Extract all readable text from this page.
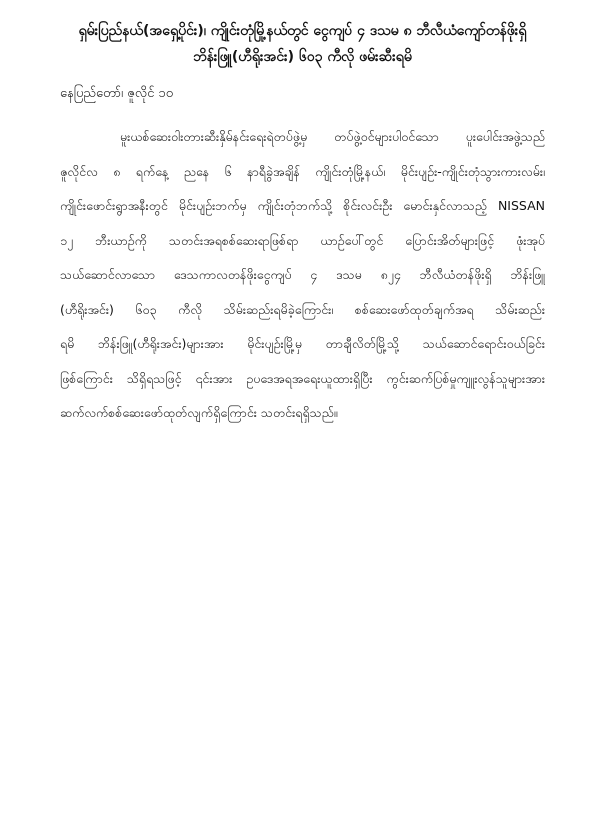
ရှမ်းပြည်နယ်(အရှေ့ပိုင်း)၊ ကျိုင်းတုံမြို့နယ်တွင် ငွေကျပ် ၄ ဒသမ ၈ ဘီလီယံကျော်တန်ဖိုးရှိ
ဘိန်းဖြူ(ဟီရိုးအင်း) ၆ဝ၃ ကီလို ဖမ်းဆီးရမိ

နေပြည်တော်၊ ဇူလိုင် ၁၀

မူးယစ်ဆေးဝါးတားဆီးနှိမ်နင်းရေးရဲတပ်ဖွဲ့မှ တပ်ဖွဲ့ဝင်များပါဝင်သော ပူးပေါင်းအဖွဲ့သည်
ဇူလိုင်လ ၈ ရက်နေ့ ညနေ ၆ နာရီခွဲအချိန် ကျိုင်းတုံမြို့နယ်၊ မိုင်းပျဉ်း-ကျိုင်းတုံသွားကားလမ်း၊
ကျိုင်းဖောင်းရွာအနီးတွင် မိုင်းပျဉ်းဘက်မှ ကျိုင်းတုံဘက်သို့ စိုင်းလင်းဦး မောင်းနှင်လာသည့် NISSAN
၁၂ ဘီးယာဉ်ကို သတင်းအရစစ်ဆေးရာဖြစ်ရာ ယာဉ်ပေါ်တွင် ပြောင်းအိတ်များဖြင့် ဖုံးအုပ်
သယ်ဆောင်လာသော ဒေသကာလတန်ဖိုးငွေကျပ် ၄ ဒသမ ၈၂၄ ဘီလီယံတန်ဖိုးရှိ ဘိန်းဖြူ
(ဟီရိုးအင်း) ၆ဝ၃ ကီလို သိမ်းဆည်းရမိခဲ့ကြောင်း၊ စစ်ဆေးဖော်ထုတ်ချက်အရ သိမ်းဆည်း
ရမိ ဘိန်းဖြူ(ဟီရိုးအင်း)များအား မိုင်းပျဉ်းမြို့မှ တာချီလိတ်မြို့သို့ သယ်ဆောင်ရောင်းဝယ်ခြင်း
ဖြစ်ကြောင်း သိရှိရသဖြင့် ၎င်းအား ဥပဒေအရအရေးယူထားရှိပြီး ကွင်းဆက်ပြစ်မှုကျူးလွန်သူများအား
ဆက်လက်စစ်ဆေးဖော်ထုတ်လျက်ရှိကြောင်း သတင်းရရှိသည်။
